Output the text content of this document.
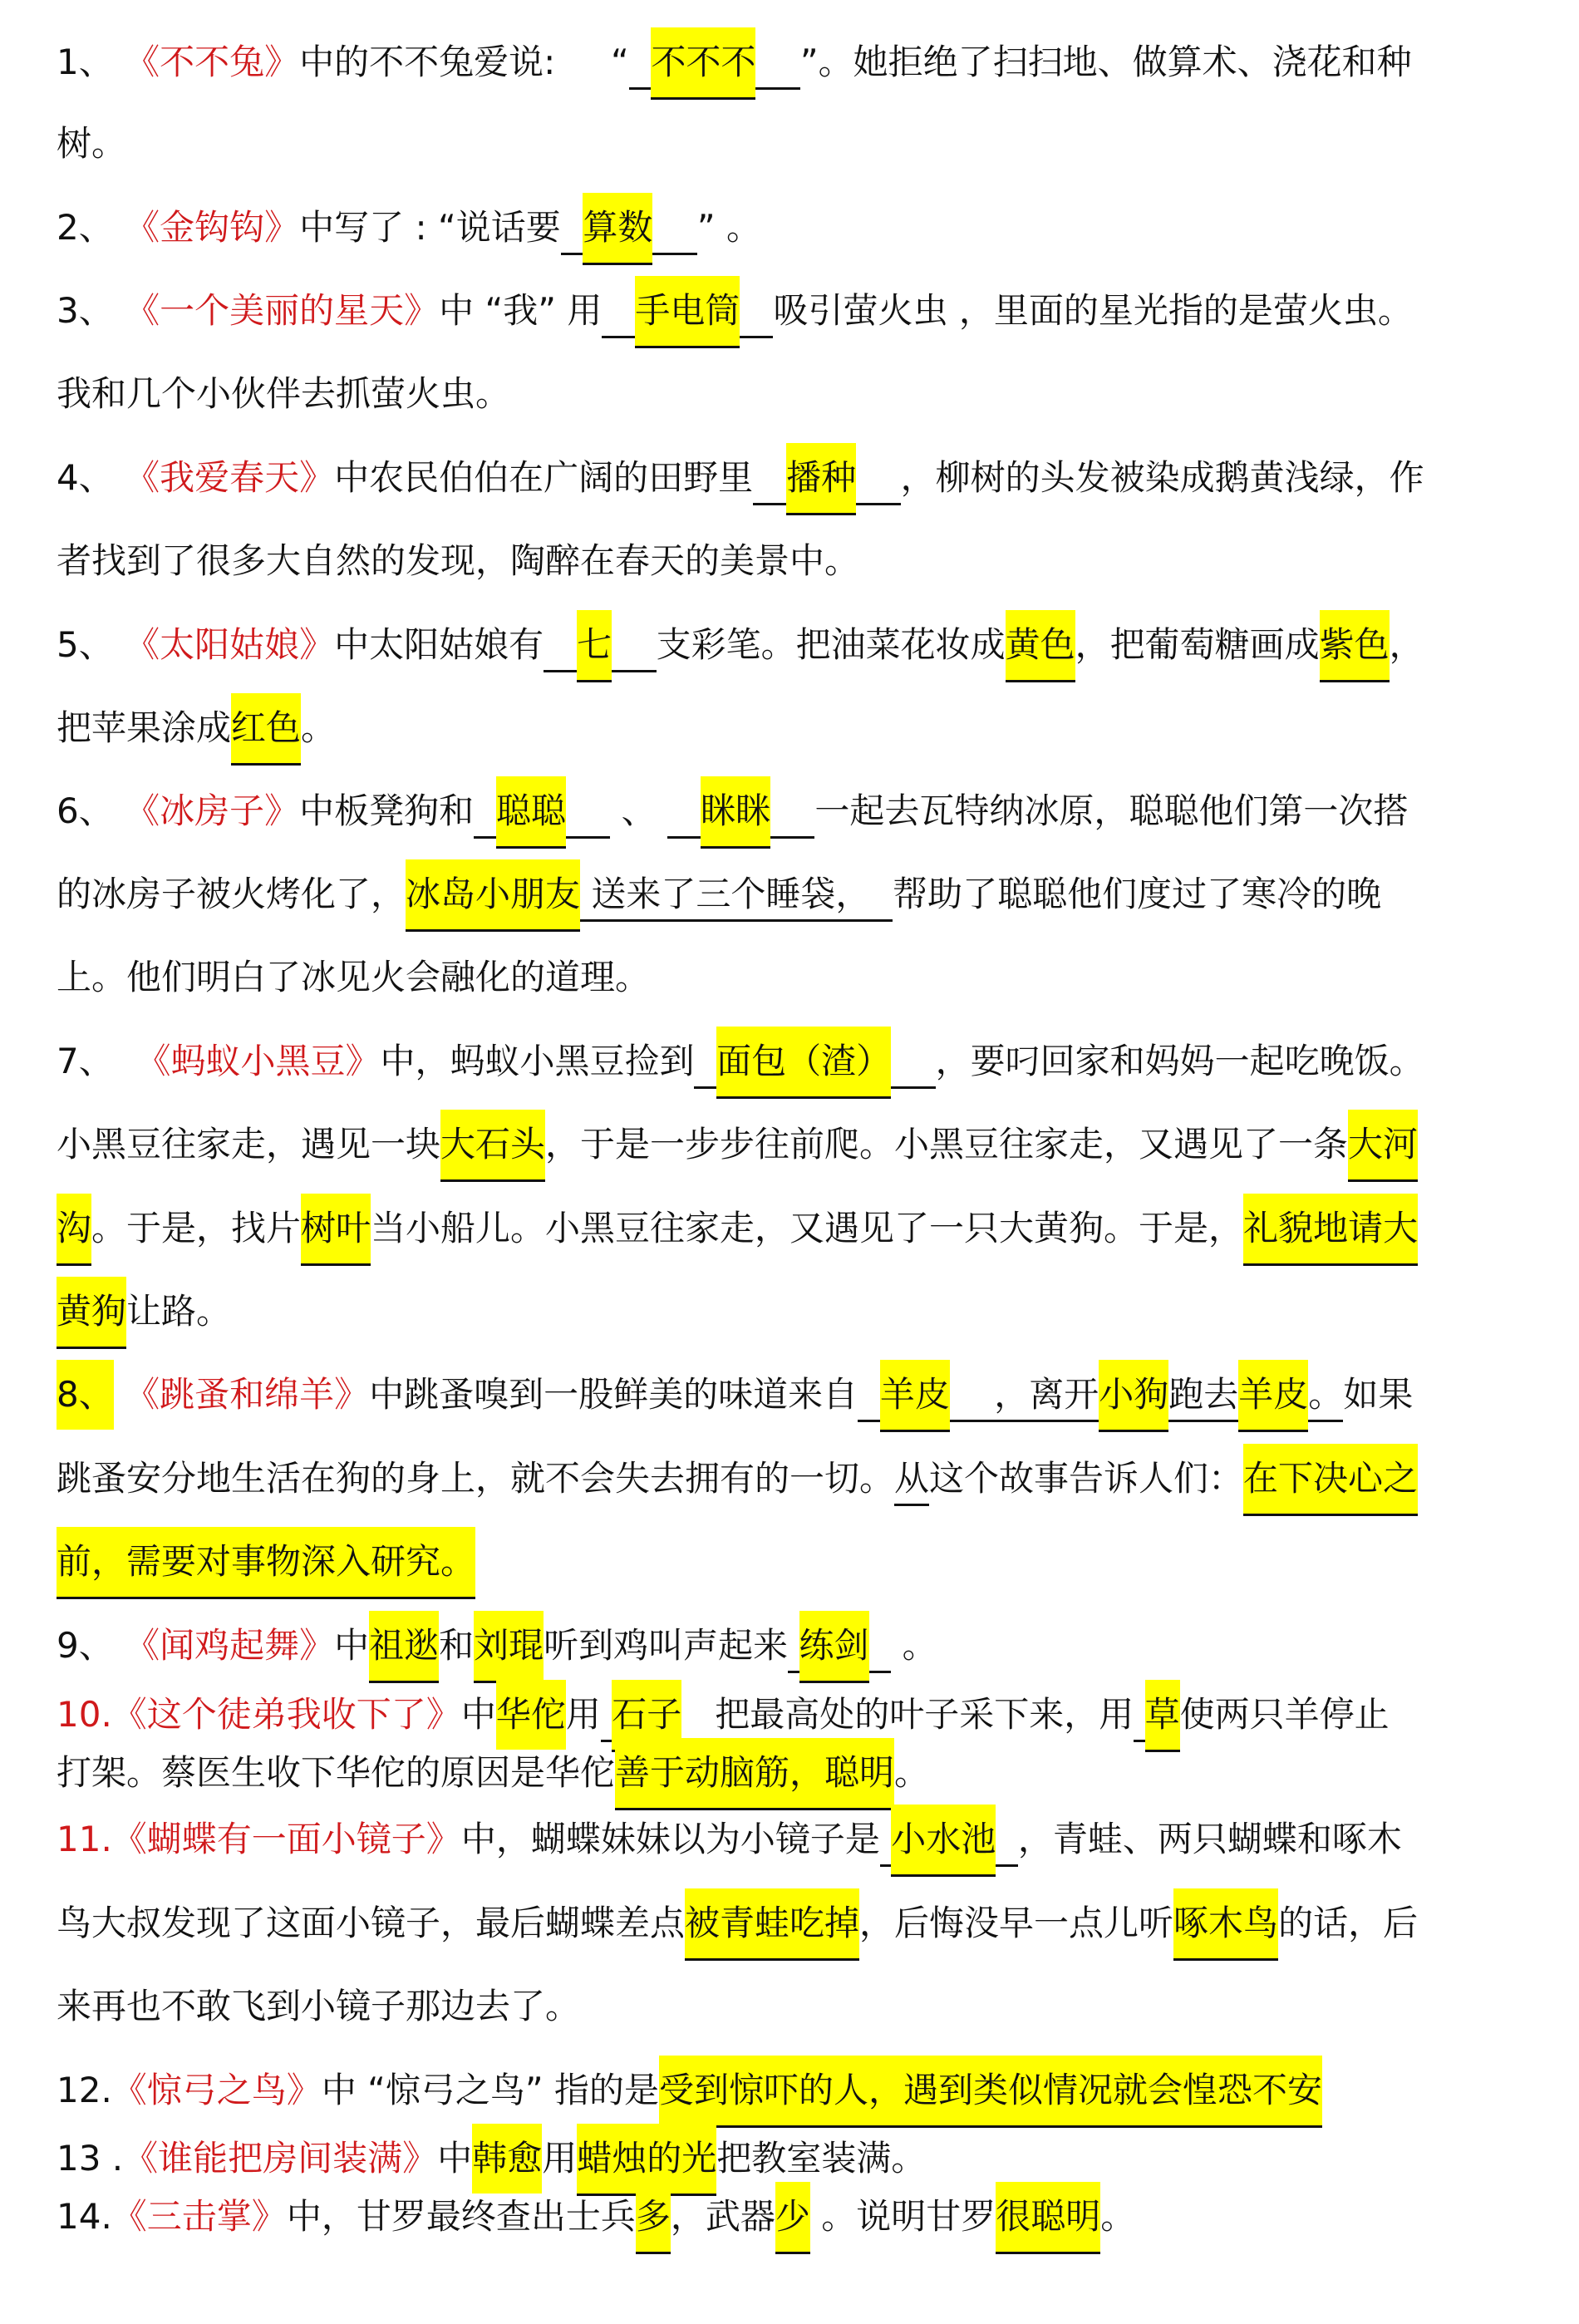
1、 《不不兔》中的不不兔爱说:     “ 不不不 ”。她拒绝了扫扫地、做算术、浇花和种
树。
2、 《金钩钩》中写了 : “说话要 算数 ” 。
3、 《一个美丽的星天》中 “我” 用 手电筒 吸引萤火虫 ，里面的星光指的是萤火虫。
我和几个小伙伴去抓萤火虫。
4、 《我爱春天》中农民伯伯在广阔的田野里 播种 ，柳树的头发被染成鹅黄浅绿，作
者找到了很多大自然的发现，陶醉在春天的美景中。
5、 《太阳姑娘》中太阳姑娘有 七 支彩笔。把油菜花妆成黄色，把葡萄糖画成紫色，
把苹果涂成红色。
6、 《冰房子》中板凳狗和 聪聪     、    眯眯 一起去瓦特纳冰原，聪聪他们第一次搭
的冰房子被火烤化了，冰岛小朋友 送来了三个睡袋，  帮助了聪聪他们度过了寒冷的晚
上。他们明白了冰见火会融化的道理。
7、  《蚂蚁小黑豆》中，蚂蚁小黑豆捡到 面包（渣） ，要叼回家和妈妈一起吃晚饭。
小黑豆往家走，遇见一块大石头，于是一步步往前爬。小黑豆往家走，又遇见了一条大河
沟。于是，找片树叶当小船儿。小黑豆往家走，又遇见了一只大黄狗。于是，礼貌地请大
黄狗让路。
8、 《跳蚤和绵羊》中跳蚤嗅到一股鲜美的味道来自 羊皮    ，离开小狗跑去羊皮。如果
跳蚤安分地生活在狗的身上，就不会失去拥有的一切。从这个故事告诉人们：在下决心之
前，需要对事物深入研究。
9、 《闻鸡起舞》中祖逖和刘琨听到鸡叫声起来 练剑   。
10.《这个徒弟我收下了》中华佗用 石子   把最高处的叶子采下来，用 草使两只羊停止
打架。蔡医生收下华佗的原因是华佗善于动脑筋，聪明。
11.《蝴蝶有一面小镜子》中，蝴蝶妹妹以为小镜子是 小水池 ，青蛙、两只蝴蝶和啄木
鸟大叔发现了这面小镜子，最后蝴蝶差点被青蛙吃掉，后悔没早一点儿听啄木鸟的话，后
来再也不敢飞到小镜子那边去了。
12.《惊弓之鸟》中 “惊弓之鸟” 指的是受到惊吓的人，遇到类似情况就会惶恐不安
13 .《谁能把房间装满》中韩愈用蜡烛的光把教室装满。
14.《三击掌》中，甘罗最终查出士兵多，武器少 。说明甘罗很聪明。
